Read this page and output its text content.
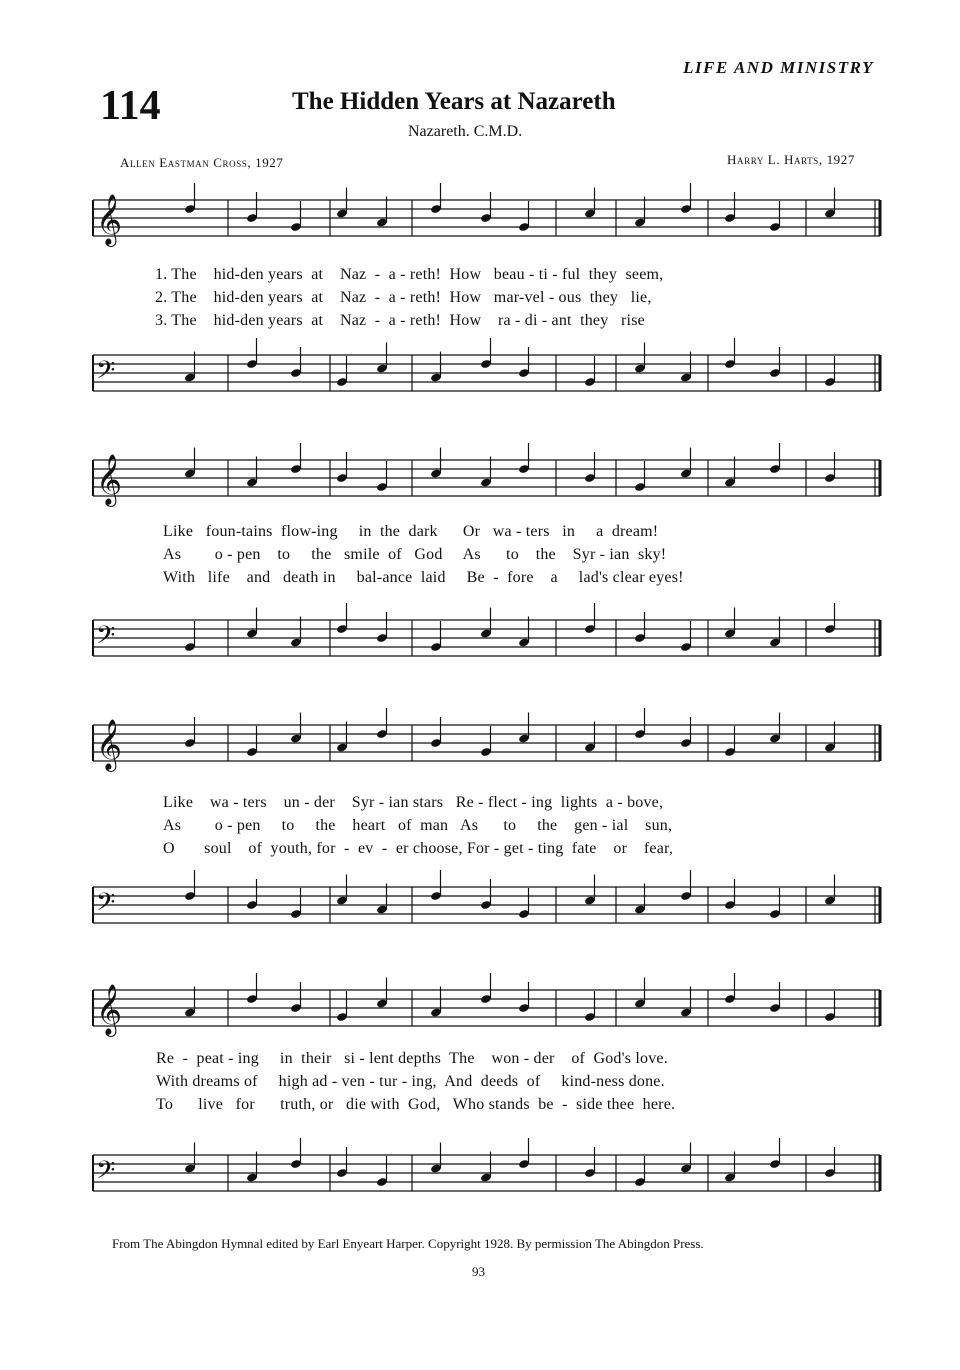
LIFE AND MINISTRY
114	The Hidden Years at Nazareth
Nazareth. C.M.D.
Allen Eastman Cross, 1927	Harry L. Harts, 1927
𝄞
1. The    hid-den years  at    Naz  -  a - reth!  How   beau - ti - ful  they  seem,
2. The    hid-den years  at    Naz  -  a - reth!  How   mar-vel - ous  they   lie,
3. The    hid-den years  at    Naz  -  a - reth!  How    ra - di - ant  they   rise
𝄢
𝄞
Like   foun-tains  flow-ing     in  the  dark      Or   wa - ters   in     a  dream!
As        o - pen    to     the   smile  of   God     As      to    the    Syr - ian  sky!
With   life    and   death in     bal-ance  laid     Be  -  fore    a     lad's clear eyes!
𝄢
𝄞
Like    wa - ters    un - der    Syr - ian stars   Re - flect - ing  lights  a - bove,
As        o - pen     to     the    heart   of  man   As      to     the    gen - ial    sun,
O       soul    of  youth, for  -  ev  -  er choose, For - get - ting  fate    or    fear,
𝄢
𝄞
Re  -  peat - ing     in  their   si - lent depths  The    won - der    of  God's love.
With dreams of     high ad - ven - tur - ing,  And  deeds  of     kind-ness done.
To      live   for      truth, or   die with  God,   Who stands  be  -  side thee  here.
𝄢
From The Abingdon Hymnal edited by Earl Enyeart Harper. Copyright 1928. By permission The Abingdon Press.
93
